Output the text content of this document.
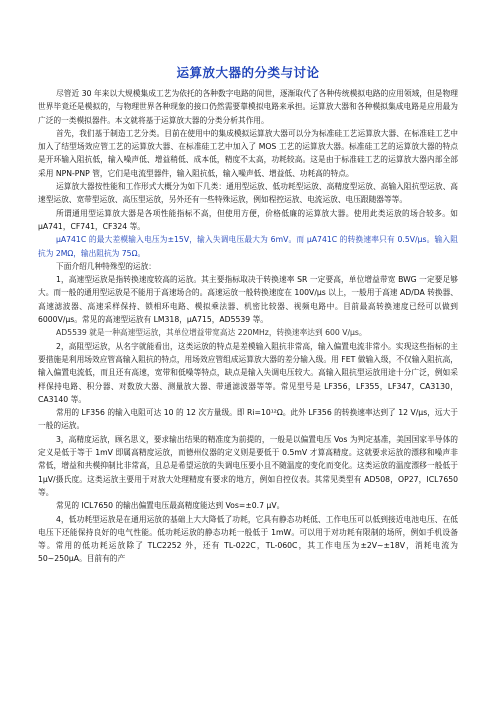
运算放大器的分类与讨论

尽管近 30 年来以大规模集成工艺为依托的各种数字电路的间世，逐渐取代了各种传统模拟电路的应用领域，但是物理世界毕竟还是模拟的，与物理世界各种现象的接口仍然需要靠模拟电路来承担。运算放大器和各种模拟集成电路是应用最为广泛的一类模拟器件。本文就将基于运算放大器的分类分析其作用。

首先，我们基于制造工艺分类。目前在使用中的集成模拟运算放大器可以分为标准硅工艺运算放大器、在标准硅工艺中加入了结型场效应管工艺的运算放大器、在标准硅工艺中加入了 MOS 工艺的运算放大器。标准硅工艺的运算放大器的特点是开环输入阻抗低，输入噪声低、增益稍低、成本低，精度不太高，功耗较高。这是由于标准硅工艺的运算放大器内部全部采用 NPN-PNP 管，它们是电流型器件，输入阻抗低，输入噪声低、增益低、功耗高的特点。

运算放大器按性能和工作形式大概分为如下几类：通用型运放、低功耗型运放、高精度型运放、高输入阻抗型运放、高速型运放、宽带型运放、高压型运放，另外还有一些特殊运放，例如程控运放、电流运放、电压跟随器等等。

所谓通用型运算放大器是各项性能指标不高，但使用方便，价格低廉的运算放大器。使用此类运放的场合较多。如 μA741，CF741，CF324 等。

μA741C 的最大差模输入电压为±15V，输入失调电压最大为 6mV。而 μA741C 的转换速率只有 0.5V/μs。输入阻抗为 2MΩ，输出阻抗为 75Ω。

下面介绍几种特殊型的运放：

1，高速型运放是指转换速度较高的运放。其主要指标取决于转换速率 SR 一定要高，单位增益带宽 BWG 一定要足够大。而一般的通用型运放是不能用于高速场合的。高速运放一般转换速度在 100V/μs 以上，一般用于高速 AD/DA 转换器、高速滤波器、高速采样保持、锁相环电路、模拟乘法器、机密比较器、视频电路中。目前最高转换速度已经可以做到 6000V/μs。常见的高速型运放有 LM318，μA715，AD5539 等。

AD5539 就是一种高速型运放，其单位增益带宽高达 220MHz，转换速率达到 600 V/μs。

2，高阻型运放，从名字就能看出，这类运放的特点是差模输入阻抗非常高，输入偏置电流非常小。实现这些指标的主要措施是利用场效应管高输入阻抗的特点，用场效应管组成运算放大器的差分输入级。用 FET 做输入级，不仅输入阻抗高，输入偏置电流低，而且还有高速，宽带和低噪等特点，缺点是输入失调电压较大。高输入阻抗型运放用途十分广泛，例如采样保持电路、积分器、对数放大器、测量放大器、带通滤波器等等。常见型号是 LF356，LF355，LF347，CA3130，CA3140 等。

常用的 LF356 的输入电阻可达 10 的 12 次方量级。即 Ri=10¹²Ω。此外 LF356 的转换速率达到了 12 V/μs，远大于一般的运放。

3，高精度运放，顾名思义，要求输出结果的精准度为前提的，一般是以偏置电压 Vos 为判定基准，美国国家半导体的定义是低于等于 1mV 即属高精度运放，而德州仪器的定义则是要低于 0.5mV 才算高精度。这就要求运放的漂移和噪声非常低，增益和共模抑制比非常高，且总是希望运放的失调电压要小且不随温度的变化而变化。这类运放的温度漂移一般低于 1μV/摄氏度。这类运放主要用于对放大处理精度有要求的地方，例如自控仪表。其常见类型有 AD508，OP27，ICL7650 等。

常见的 ICL7650 的输出偏置电压最高精度能达到 Vos=±0.7 μV。

4，低功耗型运放是在通用运放的基础上大大降低了功耗，它具有静态功耗低、工作电压可以低到接近电池电压、在低电压下还能保持良好的电气性能。低功耗运放的静态功耗一般低于 1mW。可以用于对功耗有限制的场所，例如手机设备等。常用的低功耗运放除了 TLC2252 外，还有 TL-022C，TL-060C，其工作电压为±2V~±18V，消耗电流为 50~250μA。目前有的产
